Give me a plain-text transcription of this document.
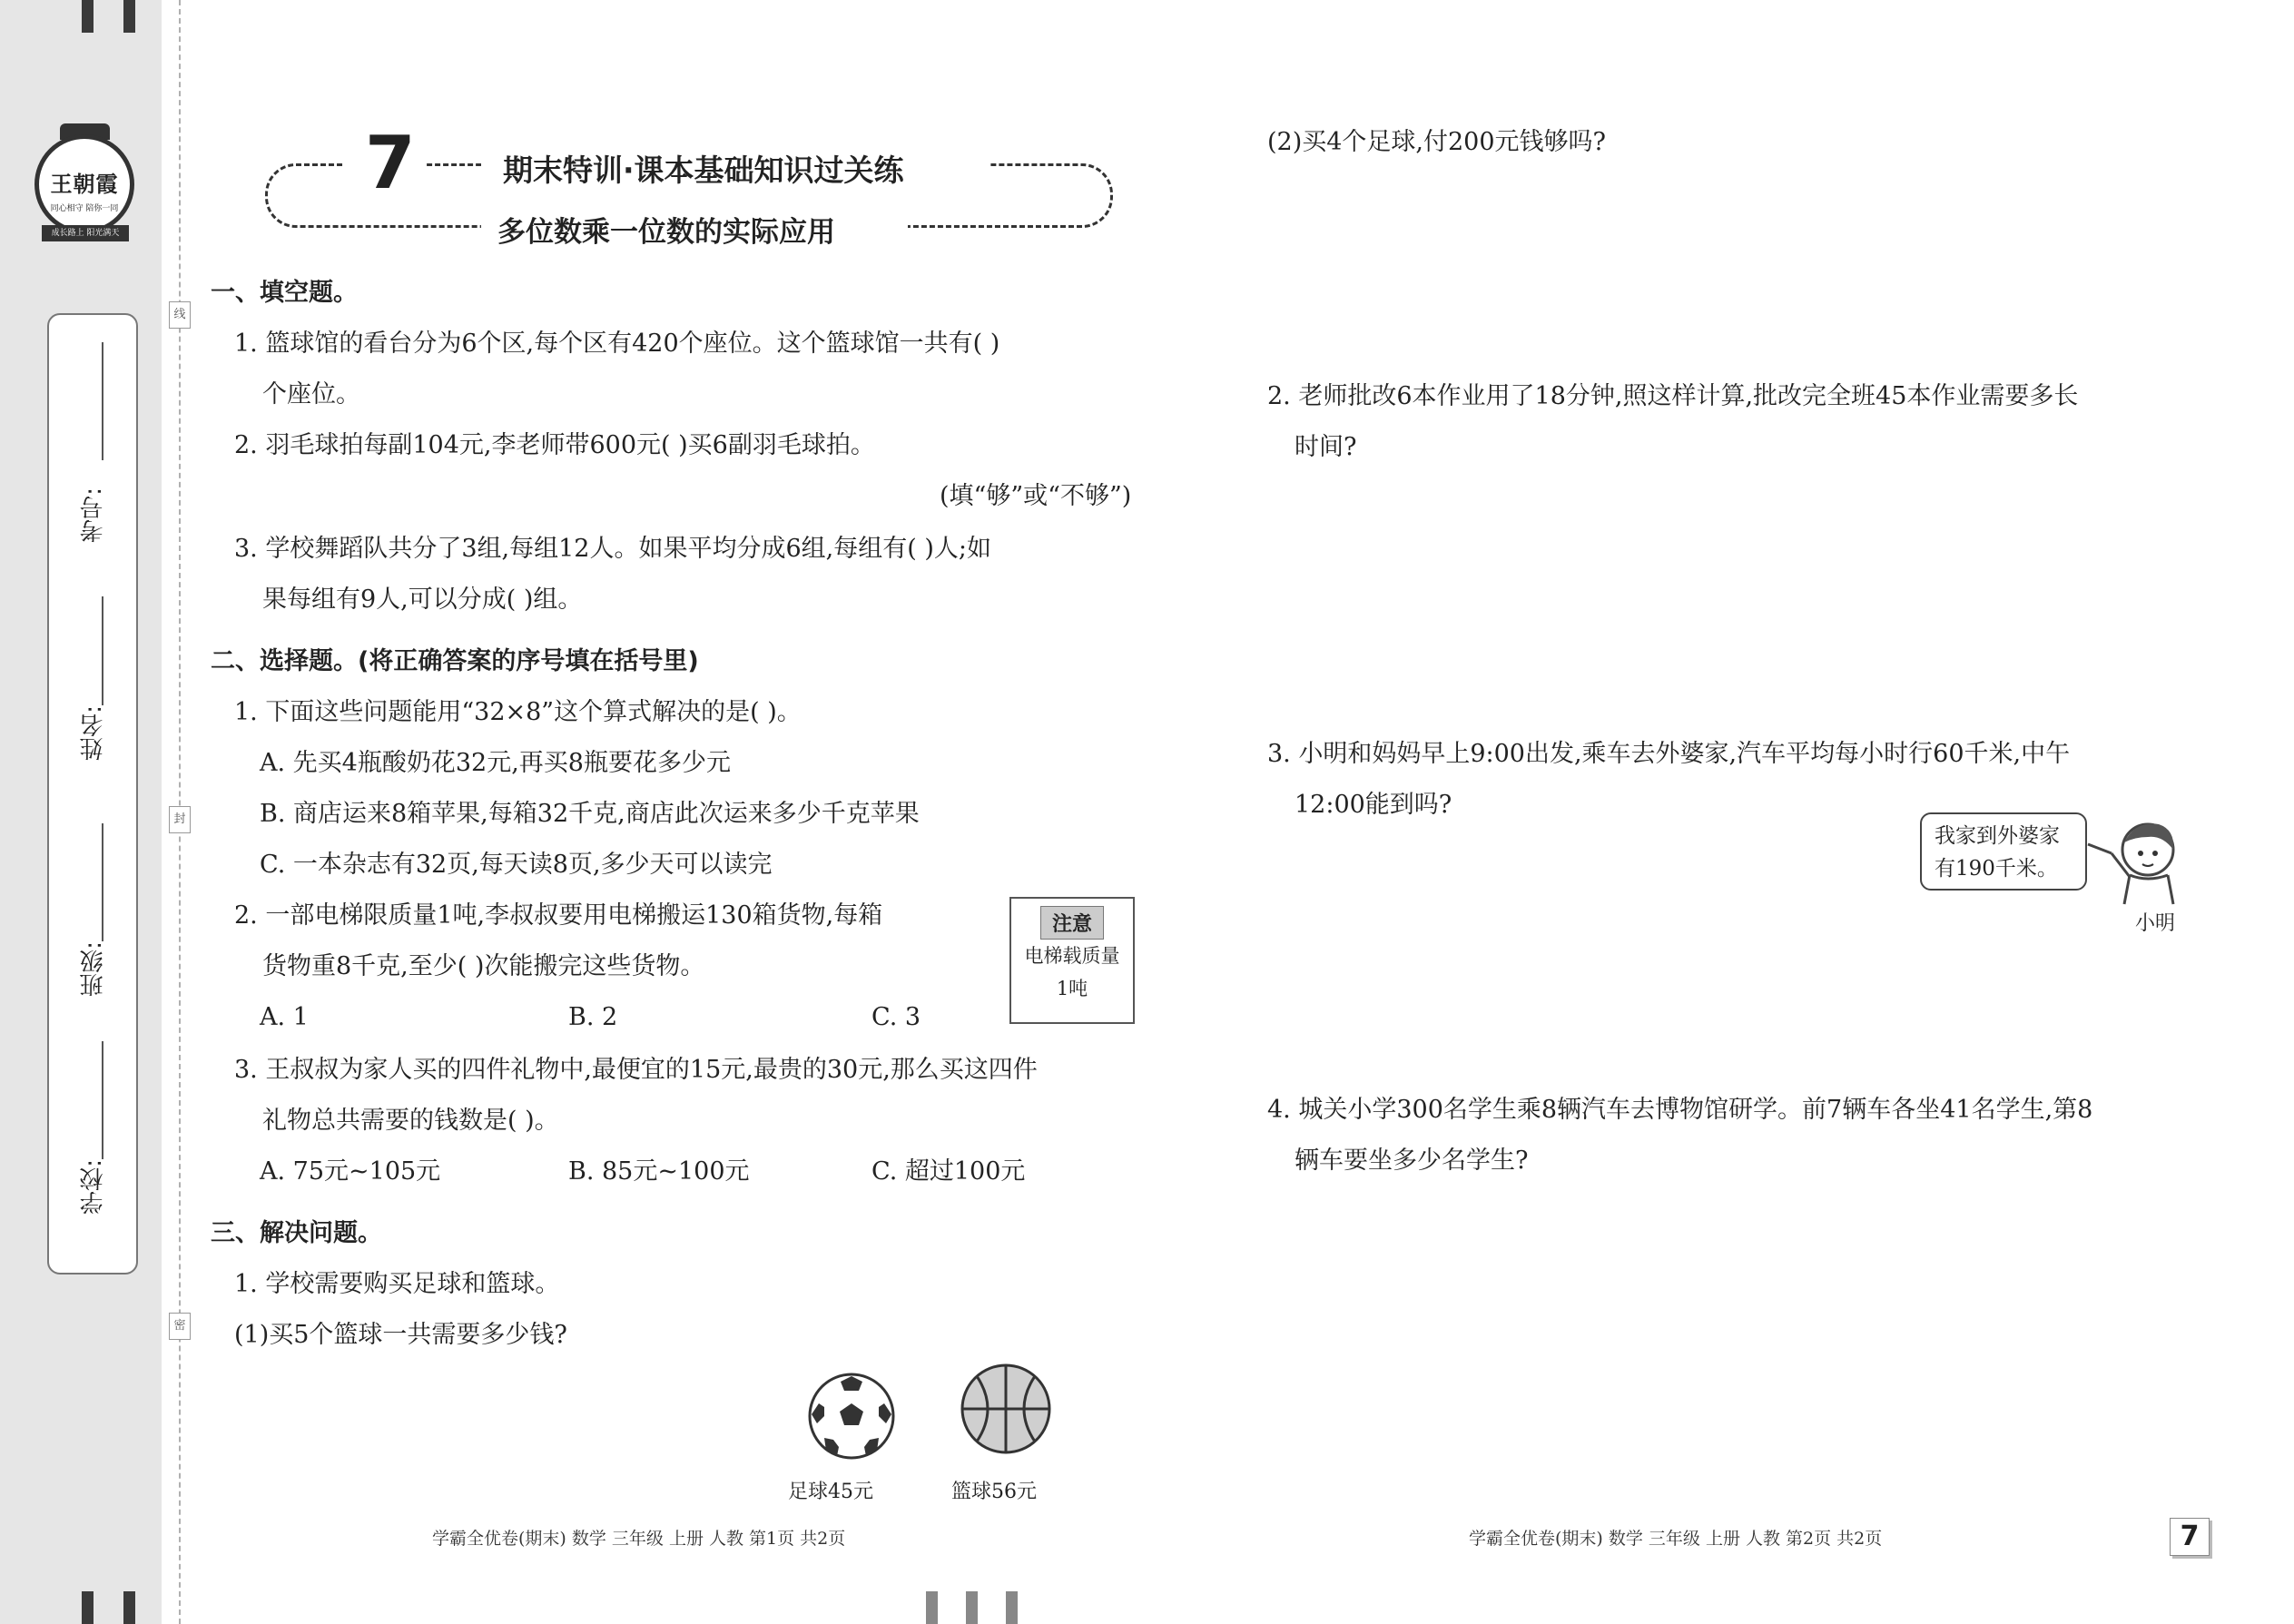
王朝霞
同心相守 陪你一同
成长路上 阳光满天
考号:
姓名:
班级:
学校:
线
封
密
7	期末特训·课本基础知识过关练
多位数乘一位数的实际应用
一、填空题。
1. 篮球馆的看台分为6个区,每个区有420个座位。这个篮球馆一共有( )
个座位。
2. 羽毛球拍每副104元,李老师带600元( )买6副羽毛球拍。
(填“够”或“不够”)
3. 学校舞蹈队共分了3组,每组12人。如果平均分成6组,每组有( )人;如
果每组有9人,可以分成( )组。
二、选择题。(将正确答案的序号填在括号里)
1. 下面这些问题能用“32×8”这个算式解决的是( )。
A. 先买4瓶酸奶花32元,再买8瓶要花多少元
B. 商店运来8箱苹果,每箱32千克,商店此次运来多少千克苹果
C. 一本杂志有32页,每天读8页,多少天可以读完
2. 一部电梯限质量1吨,李叔叔要用电梯搬运130箱货物,每箱
货物重8千克,至少( )次能搬完这些货物。
A. 1	B. 2	C. 3
注意
电梯载质量
1吨
3. 王叔叔为家人买的四件礼物中,最便宜的15元,最贵的30元,那么买这四件
礼物总共需要的钱数是( )。
A. 75元~105元	B. 85元~100元	C. 超过100元
三、解决问题。
1. 学校需要购买足球和篮球。
(1)买5个篮球一共需要多少钱?
足球45元	篮球56元
(2)买4个足球,付200元钱够吗?
2. 老师批改6本作业用了18分钟,照这样计算,批改完全班45本作业需要多长
时间?
3. 小明和妈妈早上9:00出发,乘车去外婆家,汽车平均每小时行60千米,中午
12:00能到吗?
我家到外婆家
有190千米。
小明
4. 城关小学300名学生乘8辆汽车去博物馆研学。前7辆车各坐41名学生,第8
辆车要坐多少名学生?
学霸全优卷(期末) 数学 三年级 上册 人教 第1页 共2页	学霸全优卷(期末) 数学 三年级 上册 人教 第2页 共2页	7
